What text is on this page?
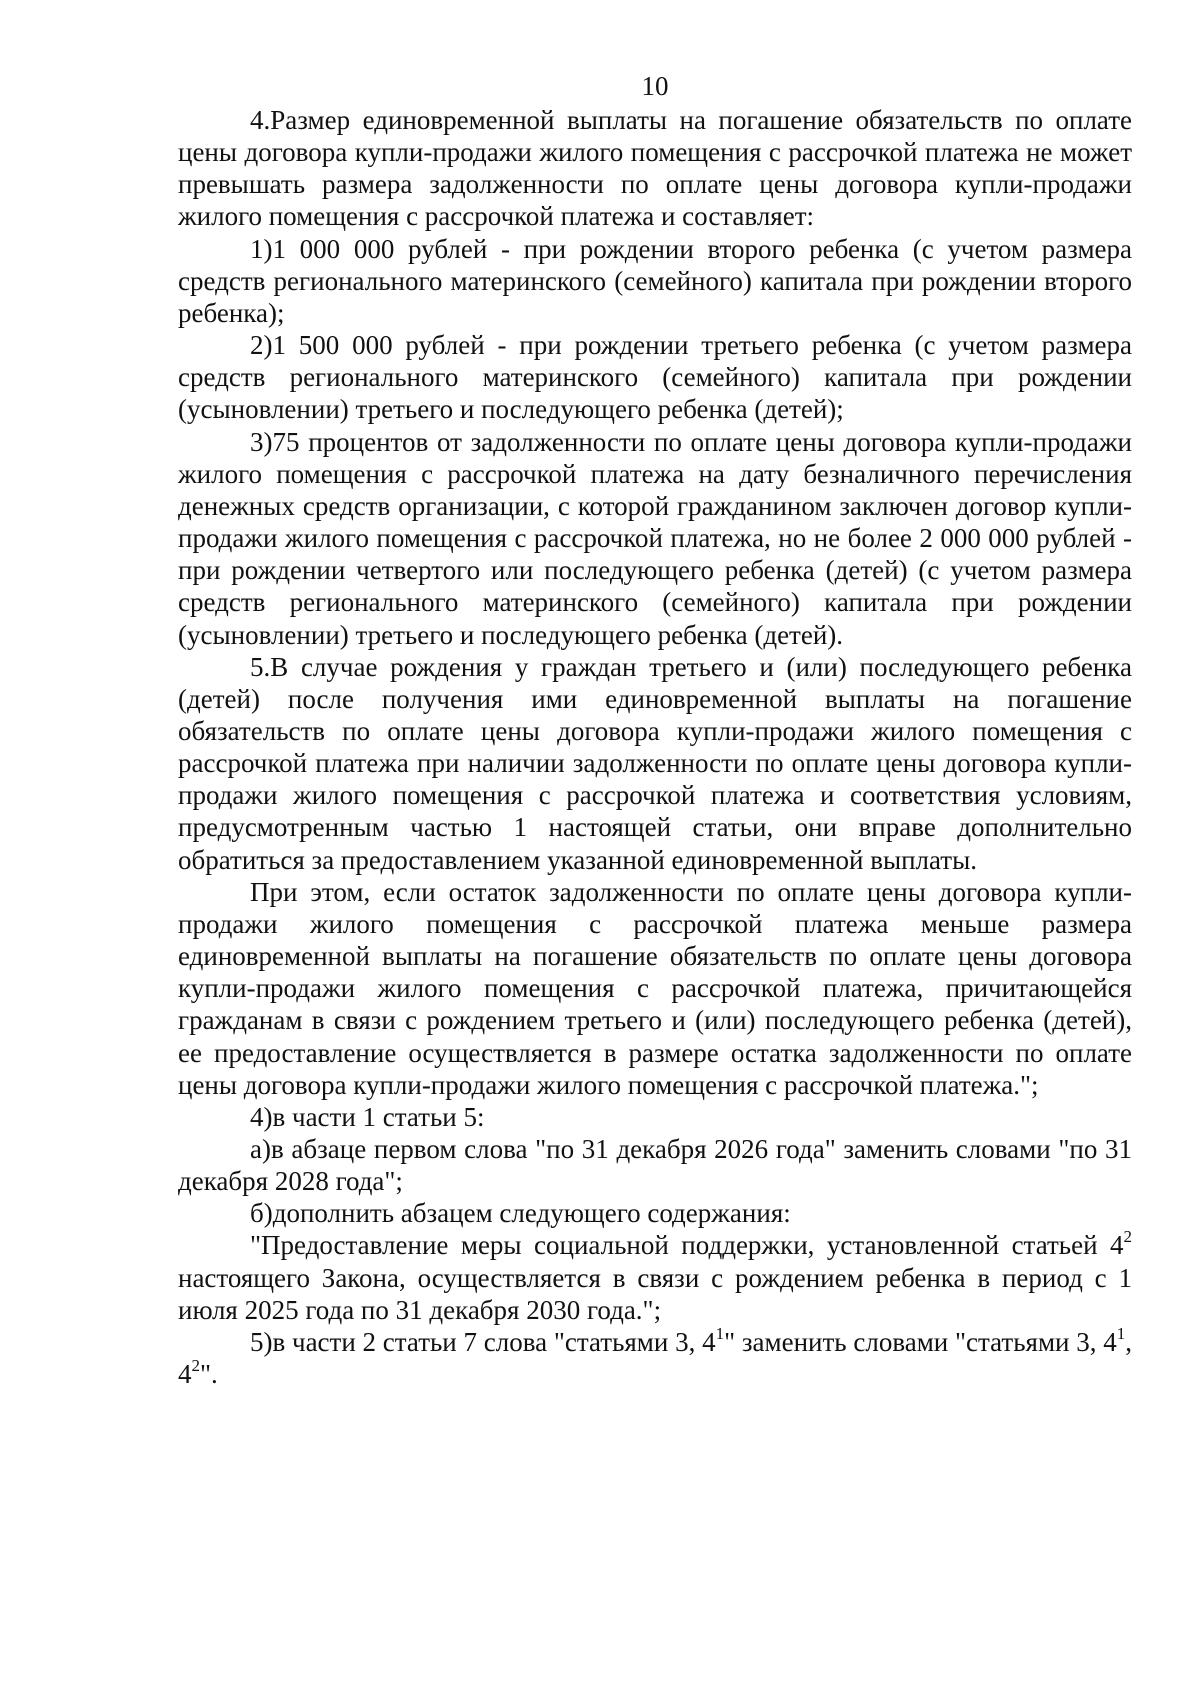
10

4.Размер единовременной выплаты на погашение обязательств по оплате цены договора купли-продажи жилого помещения с рассрочкой платежа не может превышать размера задолженности по оплате цены договора купли-продажи жилого помещения с рассрочкой платежа и составляет:

1)1 000 000 рублей - при рождении второго ребенка (с учетом размера средств регионального материнского (семейного) капитала при рождении второго ребенка);

2)1 500 000 рублей - при рождении третьего ребенка (с учетом размера средств регионального материнского (семейного) капитала при рождении (усыновлении) третьего и последующего ребенка (детей);

3)75 процентов от задолженности по оплате цены договора купли-продажи жилого помещения с рассрочкой платежа на дату безналичного перечисления денежных средств организации, с которой гражданином заключен договор купли-продажи жилого помещения с рассрочкой платежа, но не более 2 000 000 рублей - при рождении четвертого или последующего ребенка (детей) (с учетом размера средств регионального материнского (семейного) капитала при рождении (усыновлении) третьего и последующего ребенка (детей).

5.В случае рождения у граждан третьего и (или) последующего ребенка (детей) после получения ими единовременной выплаты на погашение обязательств по оплате цены договора купли-продажи жилого помещения с рассрочкой платежа при наличии задолженности по оплате цены договора купли-продажи жилого помещения с рассрочкой платежа и соответствия условиям, предусмотренным частью 1 настоящей статьи, они вправе дополнительно обратиться за предоставлением указанной единовременной выплаты.

При этом, если остаток задолженности по оплате цены договора купли-продажи жилого помещения с рассрочкой платежа меньше размера единовременной выплаты на погашение обязательств по оплате цены договора купли-продажи жилого помещения с рассрочкой платежа, причитающейся гражданам в связи с рождением третьего и (или) последующего ребенка (детей), ее предоставление осуществляется в размере остатка задолженности по оплате цены договора купли-продажи жилого помещения с рассрочкой платежа.";

4)в части 1 статьи 5:

а)в абзаце первом слова "по 31 декабря 2026 года" заменить словами "по 31 декабря 2028 года";

б)дополнить абзацем следующего содержания:

"Предоставление меры социальной поддержки, установленной статьей $4^2$ настоящего Закона, осуществляется в связи с рождением ребенка в период с 1 июля 2025 года по 31 декабря 2030 года.";

5)в части 2 статьи 7 слова "статьями 3, $4^1$" заменить словами "статьями 3, $4^1$, $4^2$".
